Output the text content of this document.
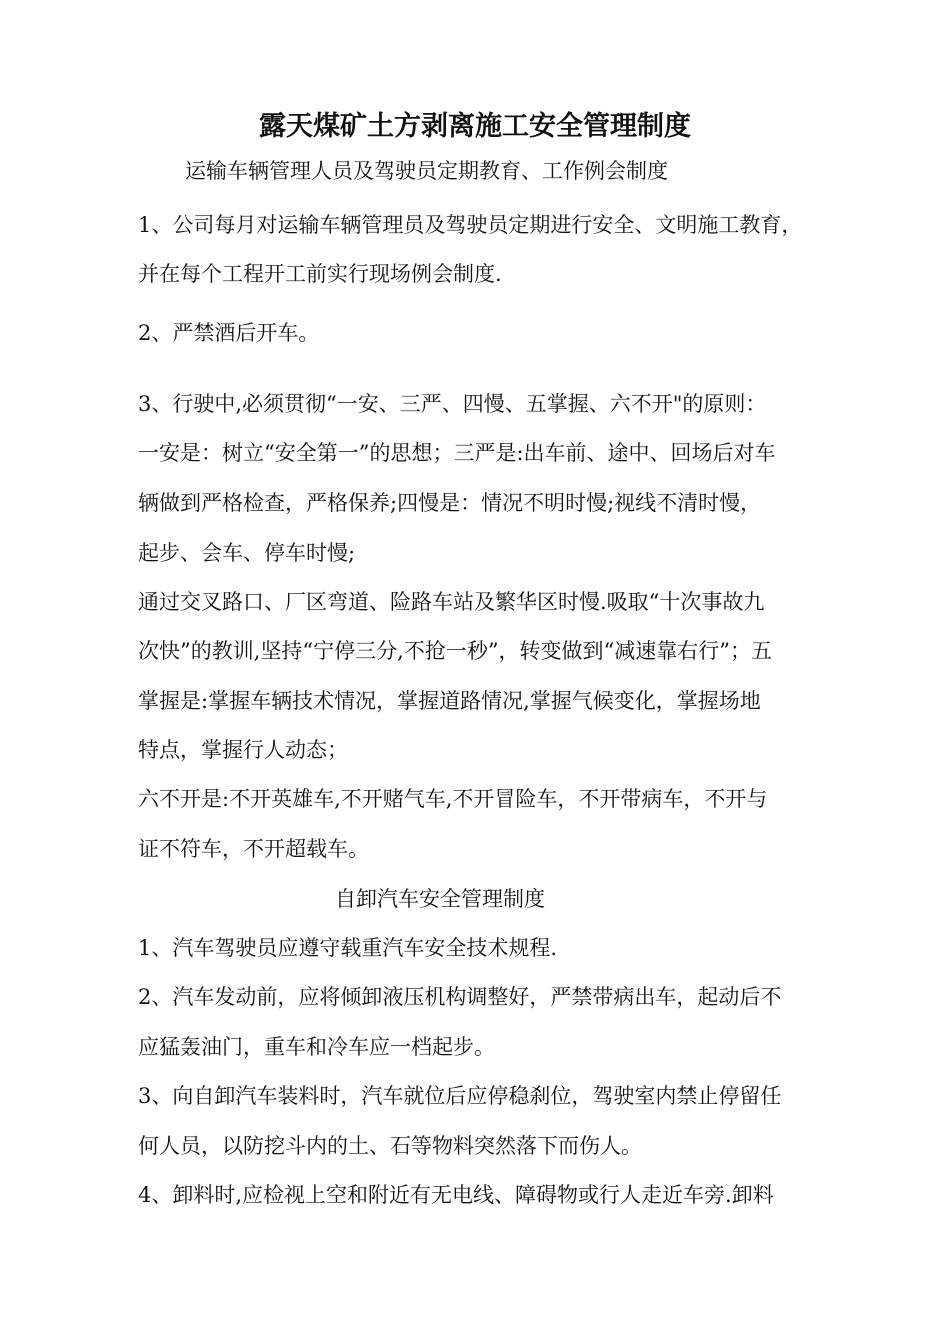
露天煤矿土方剥离施工安全管理制度
运输车辆管理人员及驾驶员定期教育、工作例会制度
1、公司每月对运输车辆管理员及驾驶员定期进行安全、文明施工教育，
并在每个工程开工前实行现场例会制度.
2、严禁酒后开车。
3、行驶中,必须贯彻“一安、三严、四慢、五掌握、六不开"的原则：
一安是：树立“安全第一”的思想；三严是:出车前、途中、回场后对车
辆做到严格检查，严格保养;四慢是：情况不明时慢;视线不清时慢，
起步、会车、停车时慢;
通过交叉路口、厂区弯道、险路车站及繁华区时慢.吸取“十次事故九
次快”的教训,坚持“宁停三分,不抢一秒”，转变做到“减速靠右行”；五
掌握是:掌握车辆技术情况，掌握道路情况,掌握气候变化，掌握场地
特点，掌握行人动态；
六不开是:不开英雄车,不开赌气车,不开冒险车，不开带病车，不开与
证不符车，不开超载车。
自卸汽车安全管理制度
1、汽车驾驶员应遵守载重汽车安全技术规程.
2、汽车发动前，应将倾卸液压机构调整好，严禁带病出车，起动后不
应猛轰油门，重车和冷车应一档起步。
3、向自卸汽车装料时，汽车就位后应停稳刹位，驾驶室内禁止停留任
何人员，以防挖斗内的土、石等物料突然落下而伤人。
4、卸料时,应检视上空和附近有无电线、障碍物或行人走近车旁.卸料
